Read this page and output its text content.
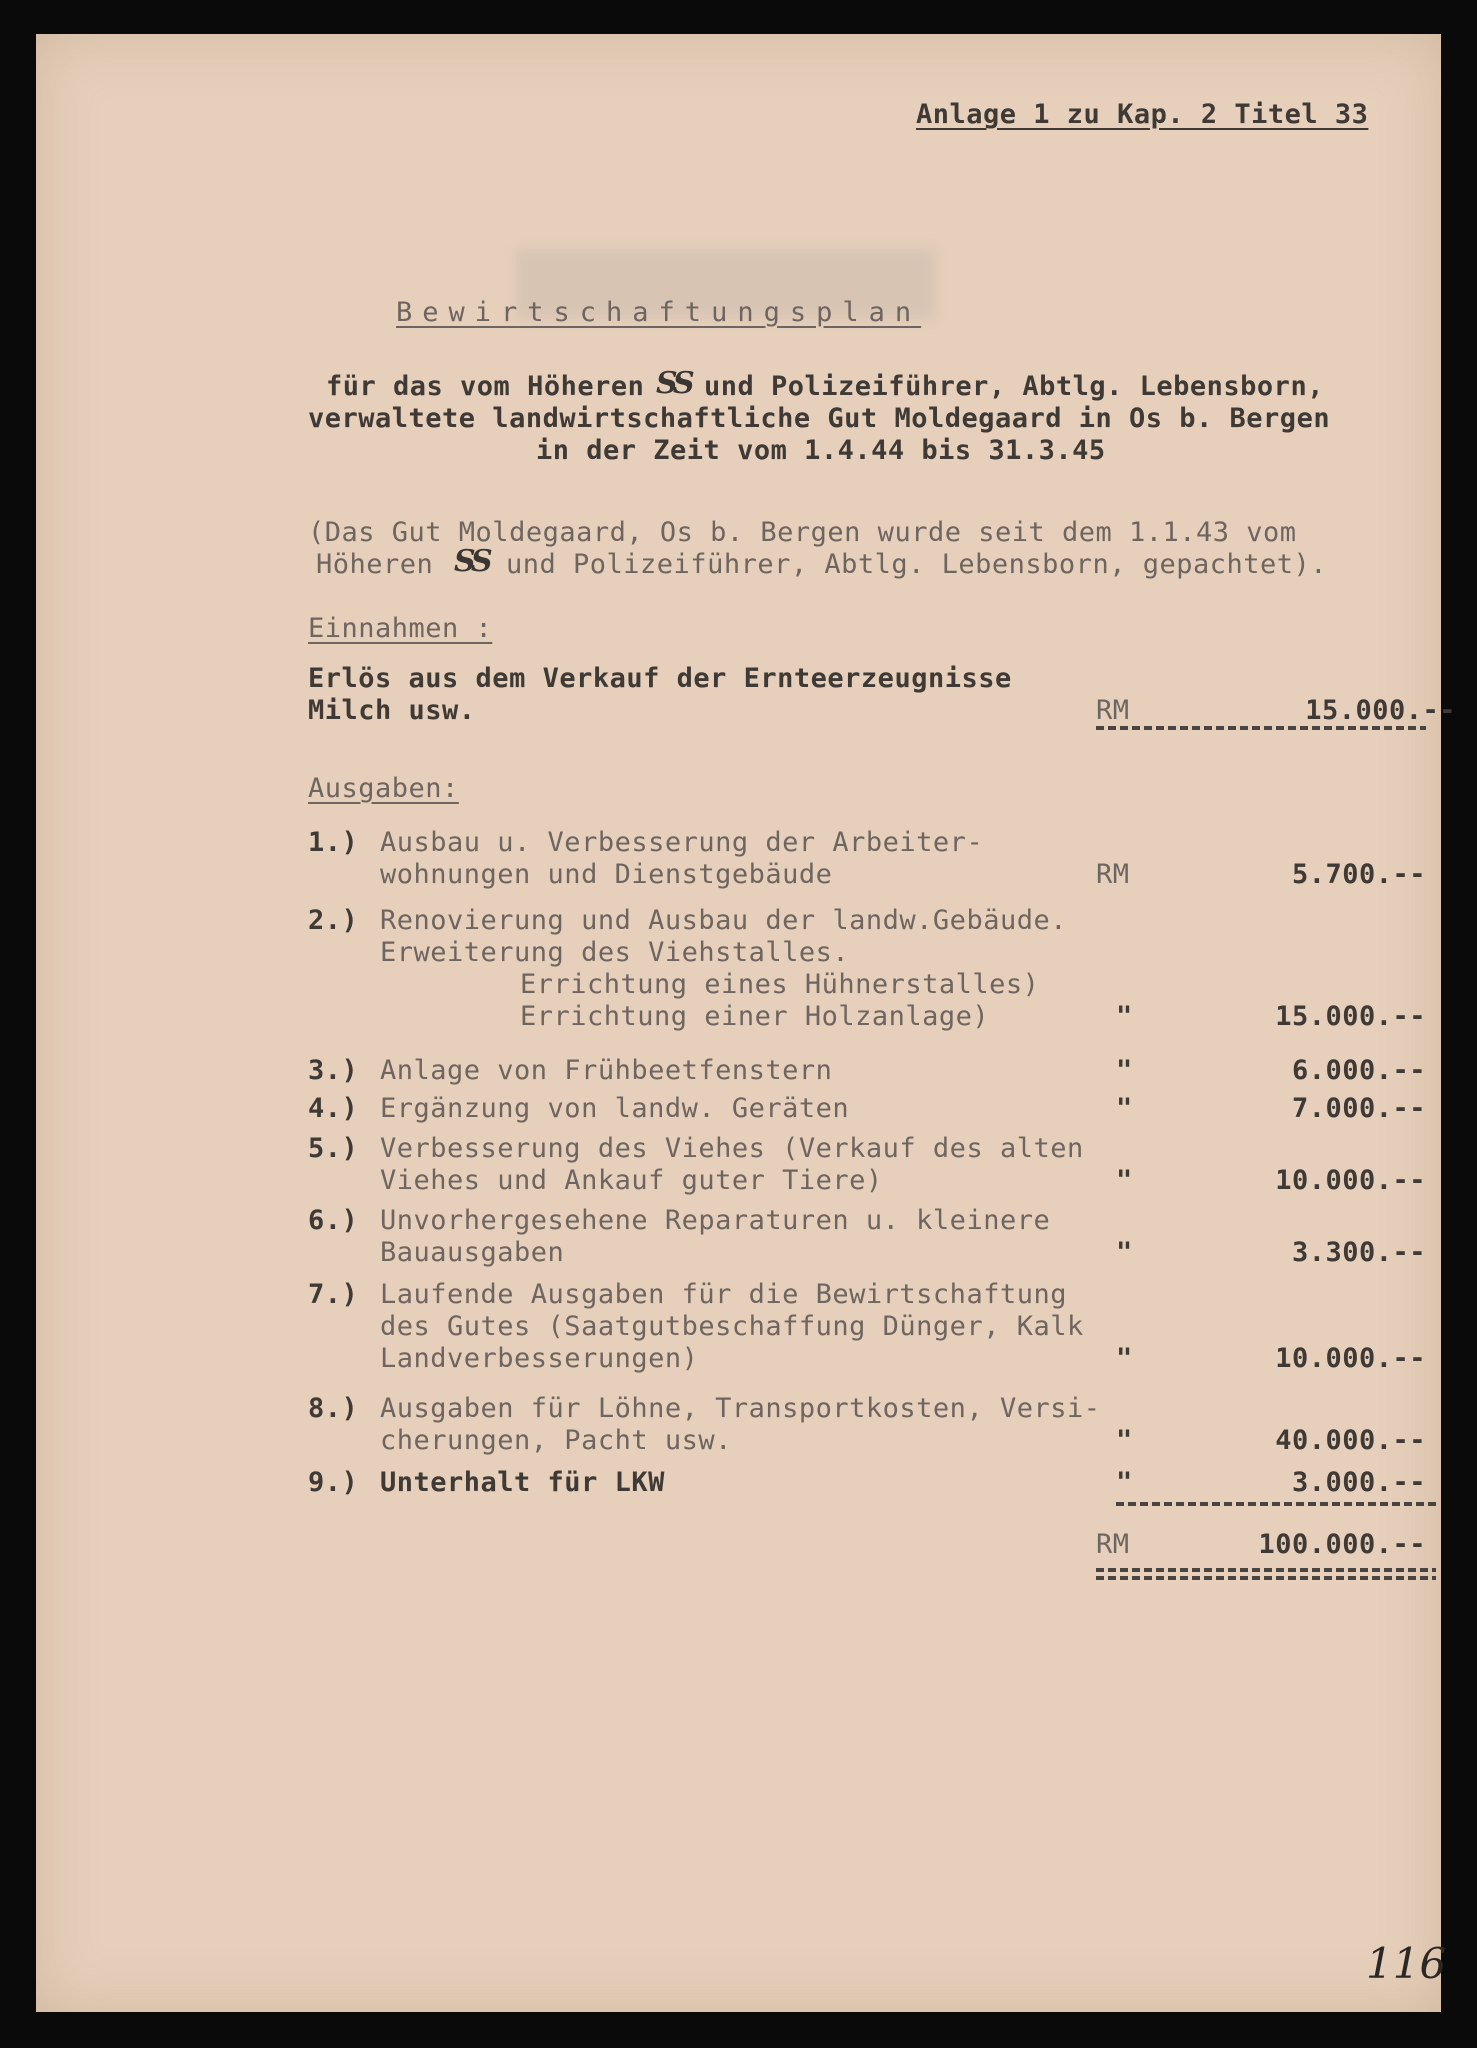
Anlage 1 zu Kap. 2 Titel 33
Bewirtschaftungsplan
für das vom Höheren SS und Polizeiführer, Abtlg. Lebensborn,
verwaltete landwirtschaftliche Gut Moldegaard in Os b. Bergen
in der Zeit vom 1.4.44 bis 31.3.45
(Das Gut Moldegaard, Os b. Bergen wurde seit dem 1.1.43 vom
Höheren SS und Polizeiführer, Abtlg. Lebensborn, gepachtet).
Einnahmen :
Erlös aus dem Verkauf der Ernteerzeugnisse
Milch usw.	RM	15.000.--
Ausgaben:
1.) Ausbau u. Verbesserung der Arbeiter-
wohnungen und Dienstgebäude	RM	5.700.--
2.) Renovierung und Ausbau der landw.Gebäude.
Erweiterung des Viehstalles.
Errichtung eines Hühnerstalles)
Errichtung einer Holzanlage)	"	15.000.--
3.) Anlage von Frühbeetfenstern	"	6.000.--
4.) Ergänzung von landw. Geräten	"	7.000.--
5.) Verbesserung des Viehes (Verkauf des alten
Viehes und Ankauf guter Tiere)	"	10.000.--
6.) Unvorhergesehene Reparaturen u. kleinere
Bauausgaben	"	3.300.--
7.) Laufende Ausgaben für die Bewirtschaftung
des Gutes (Saatgutbeschaffung Dünger, Kalk
Landverbesserungen)	"	10.000.--
8.) Ausgaben für Löhne, Transportkosten, Versi-
cherungen, Pacht usw.	"	40.000.--
9.) Unterhalt für LKW	"	3.000.--
RM	100.000.--
116
